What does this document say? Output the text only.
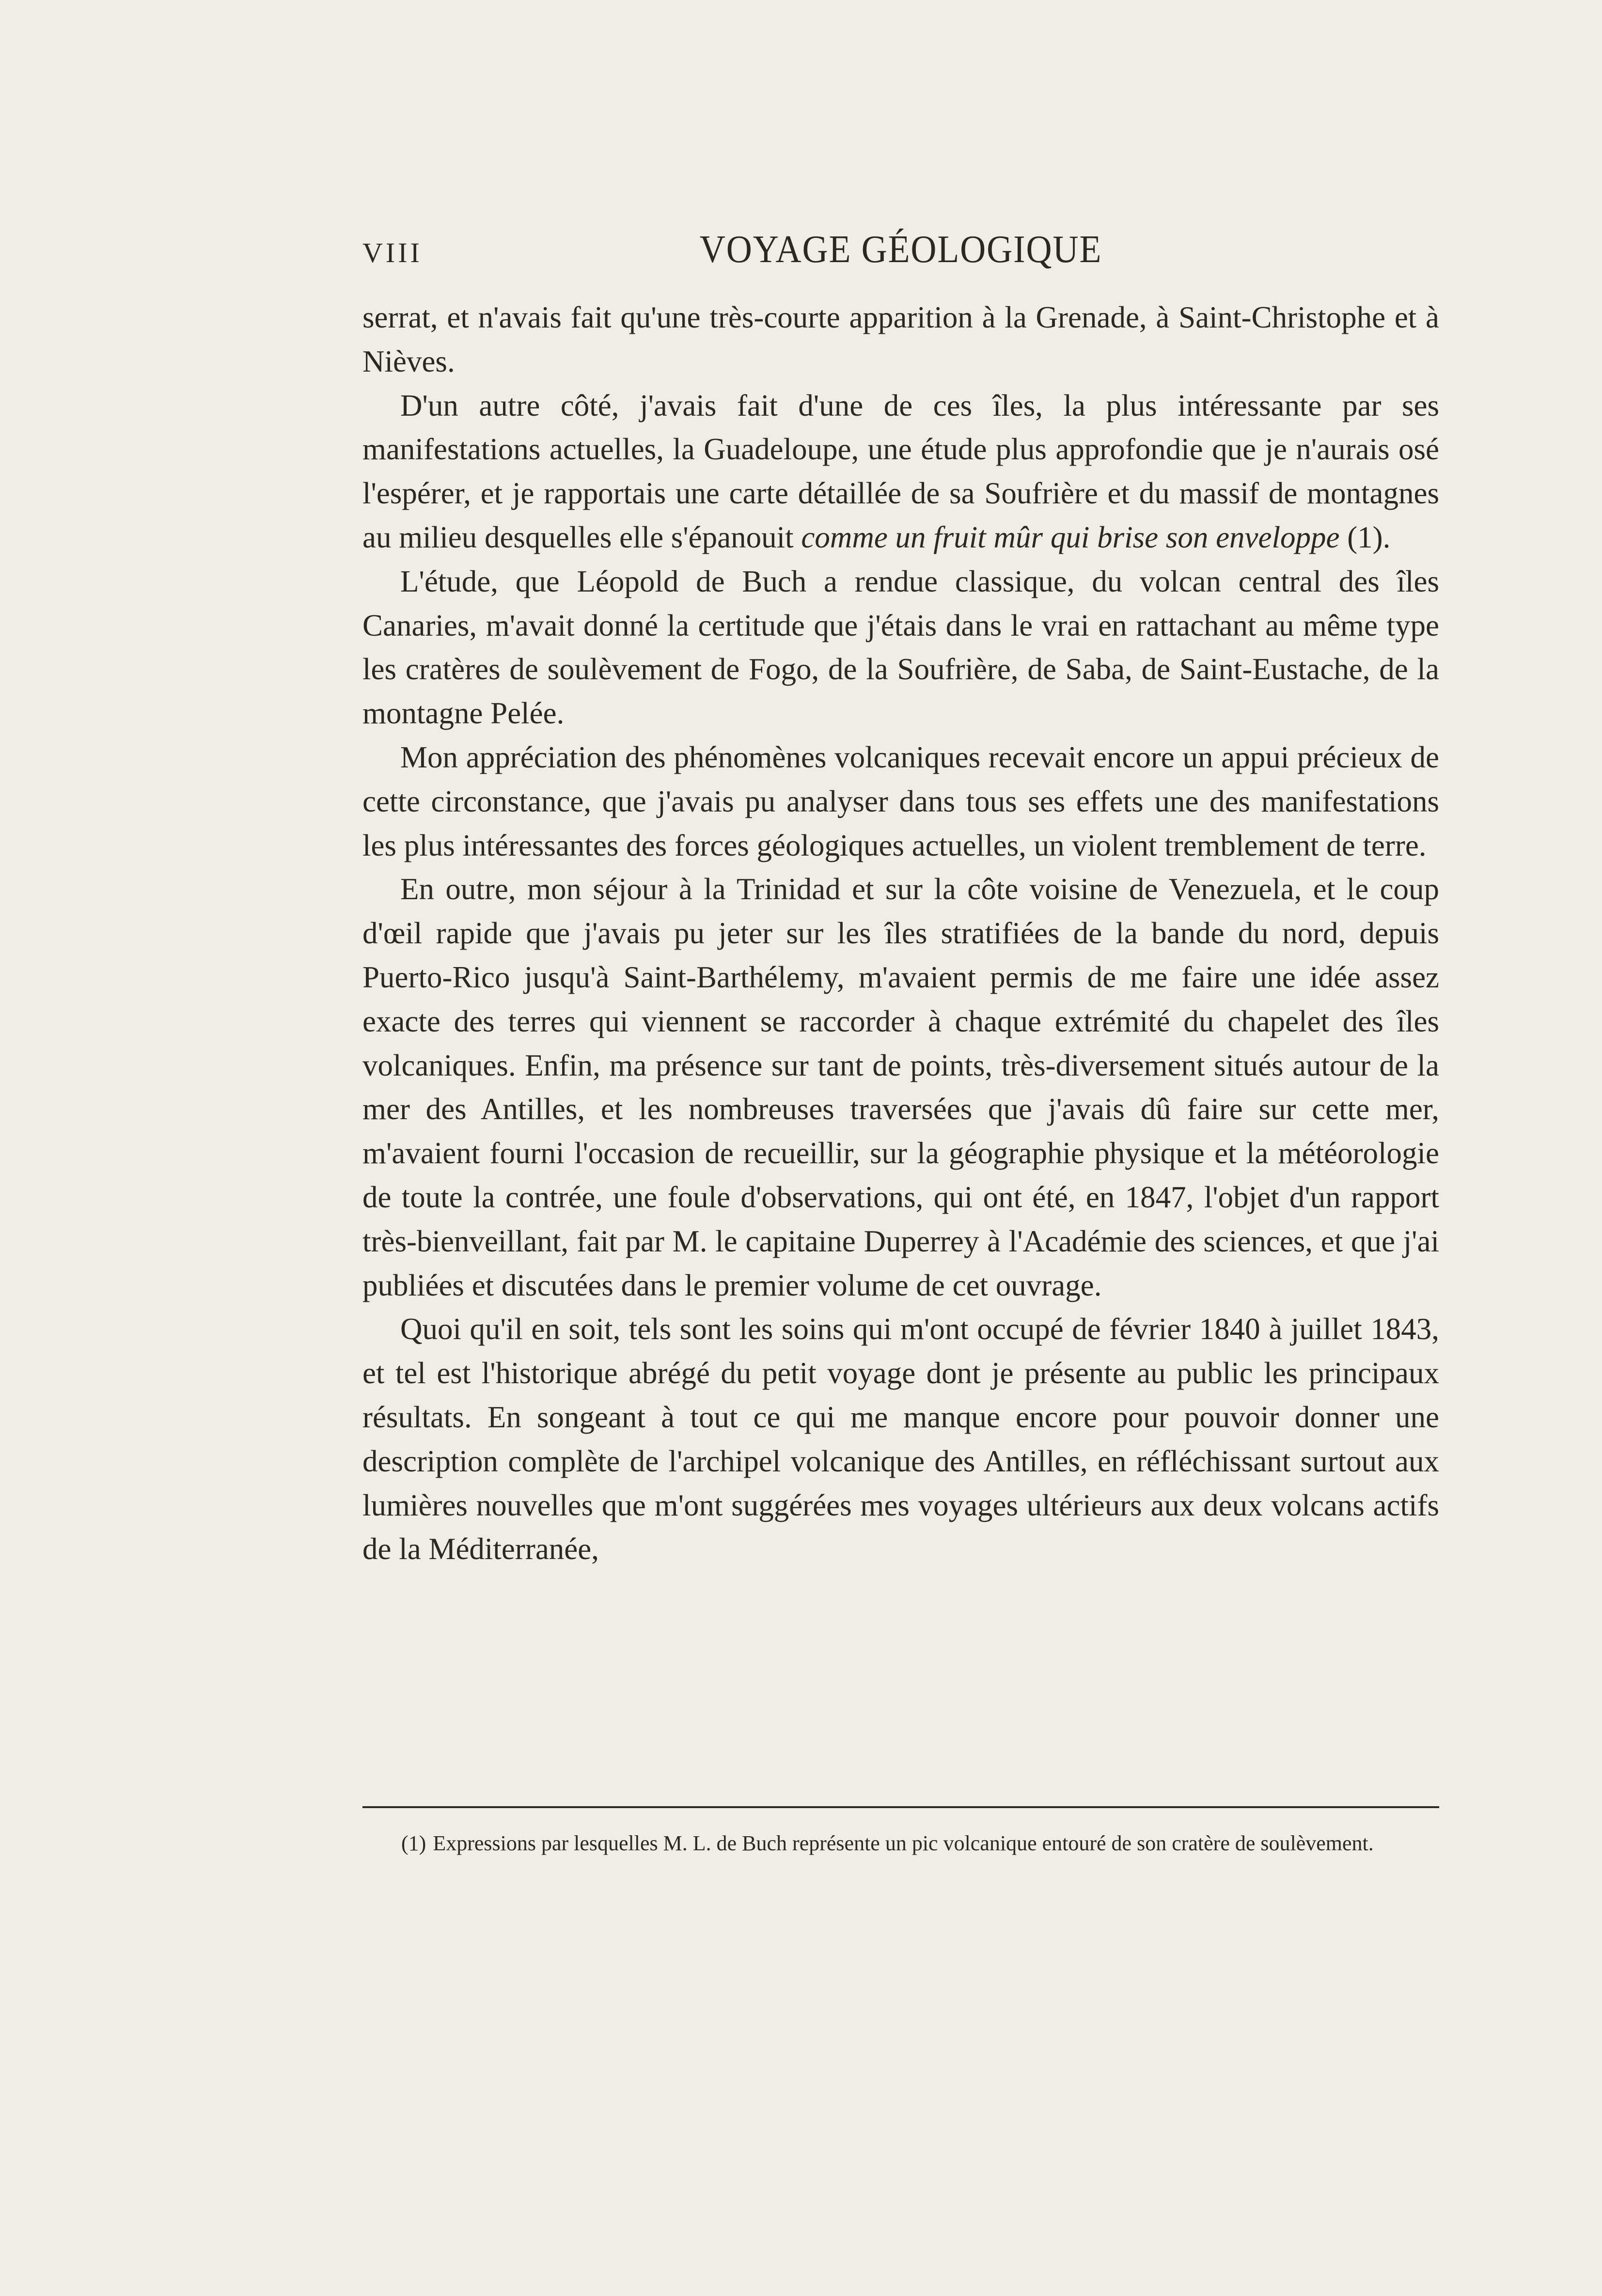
VIII	VOYAGE GÉOLOGIQUE

serrat, et n'avais fait qu'une très-courte apparition à la Grenade, à Saint-Christophe et à Nièves.

D'un autre côté, j'avais fait d'une de ces îles, la plus intéressante par ses manifestations actuelles, la Guadeloupe, une étude plus approfondie que je n'aurais osé l'espérer, et je rapportais une carte détaillée de sa Soufrière et du massif de montagnes au milieu desquelles elle s'épanouit comme un fruit mûr qui brise son enveloppe (1).

L'étude, que Léopold de Buch a rendue classique, du volcan central des îles Canaries, m'avait donné la certitude que j'étais dans le vrai en rattachant au même type les cratères de soulèvement de Fogo, de la Soufrière, de Saba, de Saint-Eustache, de la montagne Pelée.

Mon appréciation des phénomènes volcaniques recevait encore un appui précieux de cette circonstance, que j'avais pu analyser dans tous ses effets une des manifestations les plus intéressantes des forces géologiques actuelles, un violent tremblement de terre.

En outre, mon séjour à la Trinidad et sur la côte voisine de Venezuela, et le coup d'œil rapide que j'avais pu jeter sur les îles stratifiées de la bande du nord, depuis Puerto-Rico jusqu'à Saint-Barthélemy, m'avaient permis de me faire une idée assez exacte des terres qui viennent se raccorder à chaque extrémité du chapelet des îles volcaniques. Enfin, ma présence sur tant de points, très-diversement situés autour de la mer des Antilles, et les nombreuses traversées que j'avais dû faire sur cette mer, m'avaient fourni l'occasion de recueillir, sur la géographie physique et la météorologie de toute la contrée, une foule d'observations, qui ont été, en 1847, l'objet d'un rapport très-bienveillant, fait par M. le capitaine Duperrey à l'Académie des sciences, et que j'ai publiées et discutées dans le premier volume de cet ouvrage.

Quoi qu'il en soit, tels sont les soins qui m'ont occupé de février 1840 à juillet 1843, et tel est l'historique abrégé du petit voyage dont je présente au public les principaux résultats. En songeant à tout ce qui me manque encore pour pouvoir donner une description complète de l'archipel volcanique des Antilles, en réfléchissant surtout aux lumières nouvelles que m'ont suggérées mes voyages ultérieurs aux deux volcans actifs de la Méditerranée,

(1) Expressions par lesquelles M. L. de Buch représente un pic volcanique entouré de son cratère de soulèvement.
